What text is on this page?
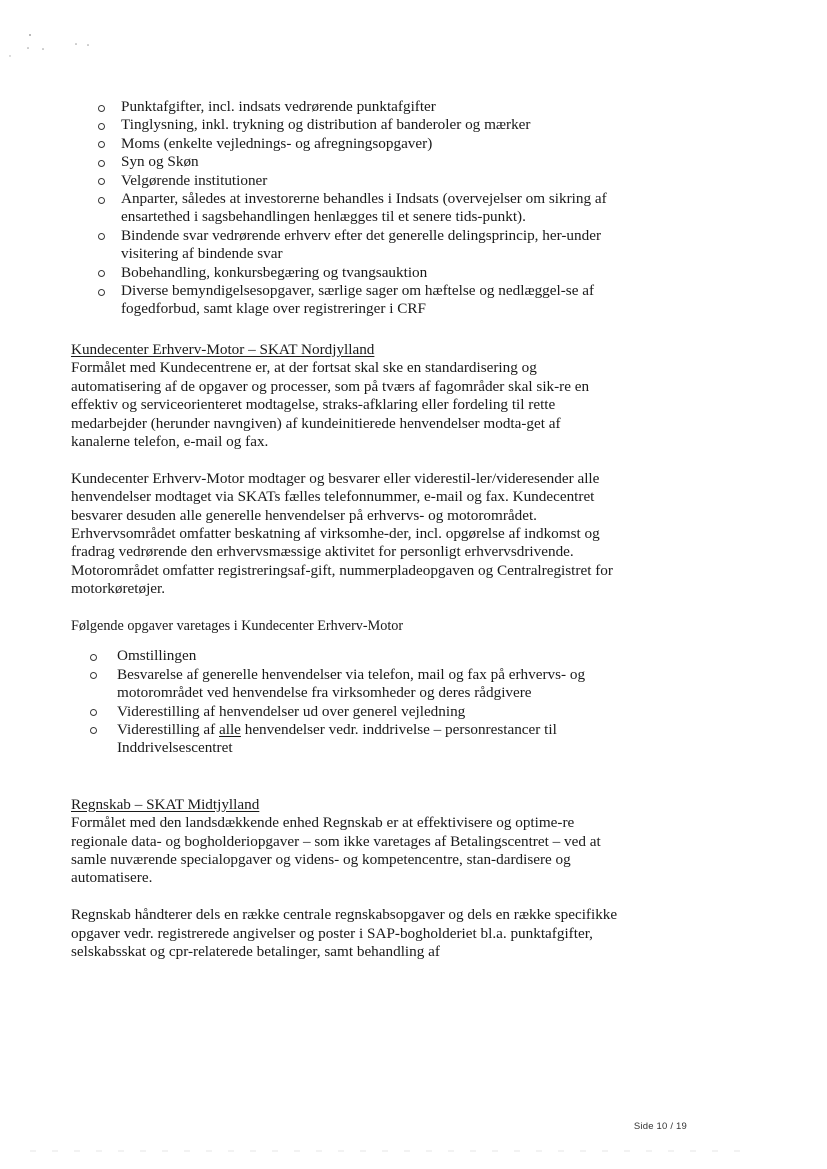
Punktafgifter, incl. indsats vedrørende punktafgifter
Tinglysning, inkl. trykning og distribution af banderoler og mærker
Moms (enkelte vejlednings- og afregningsopgaver)
Syn og Skøn
Velgørende institutioner
Anparter, således at investorerne behandles i Indsats (overvejelser om sikring af ensartethed i sagsbehandlingen henlægges til et senere tids-punkt).
Bindende svar vedrørende erhverv efter det generelle delingsprincip, her-under visitering af bindende svar
Bobehandling, konkursbegæring og tvangsauktion
Diverse bemyndigelsesopgaver, særlige sager om hæftelse og nedlæggel-se af fogedforbud, samt klage over registreringer i CRF

Kundecenter Erhverv-Motor – SKAT Nordjylland

Formålet med Kundecentrene er, at der fortsat skal ske en standardisering og automatisering af de opgaver og processer, som på tværs af fagområder skal sik-re en effektiv og serviceorienteret modtagelse, straks-afklaring eller fordeling til rette medarbejder (herunder navngiven) af kundeinitierede henvendelser modta-get af kanalerne telefon, e-mail og fax.

Kundecenter Erhverv-Motor modtager og besvarer eller viderestil-ler/videresender alle henvendelser modtaget via SKATs fælles telefonnummer, e-mail og fax. Kundecentret besvarer desuden alle generelle henvendelser på erhvervs- og motorområdet. Erhvervsområdet omfatter beskatning af virksomhe-der, incl. opgørelse af indkomst og fradrag vedrørende den erhvervsmæssige aktivitet for personligt erhvervsdrivende. Motorområdet omfatter registreringsaf-gift, nummerpladeopgaven og Centralregistret for motorkøretøjer.

Følgende opgaver varetages i Kundecenter Erhverv-Motor

Omstillingen
Besvarelse af generelle henvendelser via telefon, mail og fax på erhvervs- og motorområdet ved henvendelse fra virksomheder og deres rådgivere
Viderestilling af henvendelser ud over generel vejledning
Viderestilling af alle henvendelser vedr. inddrivelse – personrestancer til Inddrivelsescentret

Regnskab – SKAT Midtjylland

Formålet med den landsdækkende enhed Regnskab er at effektivisere og optime-re regionale data- og bogholderiopgaver – som ikke varetages af Betalingscentret – ved at samle nuværende specialopgaver og videns- og kompetencentre, stan-dardisere og automatisere.

Regnskab håndterer dels en række centrale regnskabsopgaver og dels en række specifikke opgaver vedr. registrerede angivelser og poster i SAP-bogholderiet bl.a. punktafgifter, selskabsskat og cpr-relaterede betalinger, samt behandling af

Side 10 / 19
